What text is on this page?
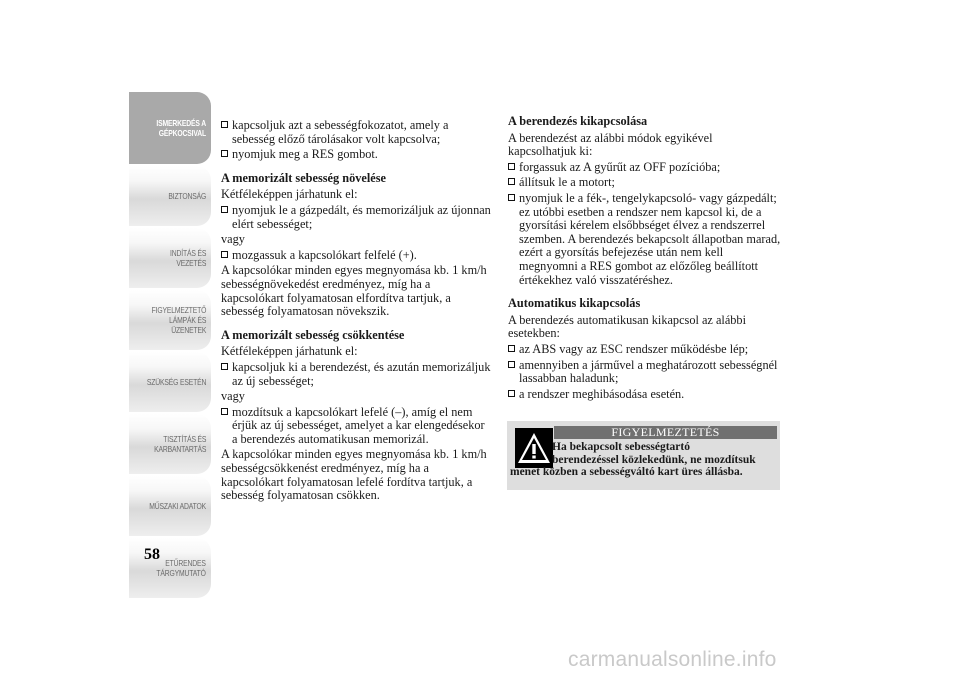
ISMERKEDÉS A
GÉPKOCSIVAL
BIZTONSÁG
INDÍTÁS ÉS
VEZETÉS
FIGYELMEZTETŐ
LÁMPÁK ÉS
ÜZENETEK
SZÜKSÉG ESETÉN
TISZTÍTÁS ÉS
KARBANTARTÁS
MŰSZAKI ADATOK
ETŰRENDES
TÁRGYMUTATÓ
58
kapcsoljuk azt a sebességfokozatot, amely a sebesség előző tárolásakor volt kapcsolva;
nyomjuk meg a RES gombot.

A memorizált sebesség növelése

Kétféleképpen járhatunk el:

nyomjuk le a gázpedált, és memorizáljuk az újonnan elért sebességet;

vagy

mozgassuk a kapcsolókart felfelé (+).

A kapcsolókar minden egyes megnyomása kb. 1 km/h sebességnövekedést eredményez, míg ha a kapcsolókart folyamatosan elfordítva tartjuk, a sebesség folyamatosan növekszik.

A memorizált sebesség csökkentése

Kétféleképpen járhatunk el:

kapcsoljuk ki a berendezést, és azután memorizáljuk az új sebességet;

vagy

mozdítsuk a kapcsolókart lefelé (–), amíg el nem érjük az új sebességet, amelyet a kar elengedésekor a berendezés automatikusan memorizál.

A kapcsolókar minden egyes megnyomása kb. 1 km/h sebességcsökkenést eredményez, míg ha a kapcsolókart folyamatosan lefelé fordítva tartjuk, a sebesség folyamatosan csökken.

A berendezés kikapcsolása

A berendezést az alábbi módok egyikével kapcsolhatjuk ki:

forgassuk az A gyűrűt az OFF pozícióba;
állítsuk le a motort;
nyomjuk le a fék-, tengelykapcsoló- vagy gázpedált; ez utóbbi esetben a rendszer nem kapcsol ki, de a gyorsítási kérelem elsőbbséget élvez a rendszerrel szemben. A berendezés bekapcsolt állapotban marad, ezért a gyorsítás befejezése után nem kell megnyomni a RES gombot az előzőleg beállított értékekhez való visszatéréshez.

Automatikus kikapcsolás

A berendezés automatikusan kikapcsol az alábbi esetekben:

az ABS vagy az ESC rendszer működésbe lép;
amennyiben a járművel a meghatározott sebességnél lassabban haladunk;
a rendszer meghibásodása esetén.
FIGYELMEZTETÉS
Ha bekapcsolt sebességtartó
berendezéssel közlekedünk, ne mozdítsuk menet közben a sebességváltó kart üres állásba.
carmanualsonline.info
